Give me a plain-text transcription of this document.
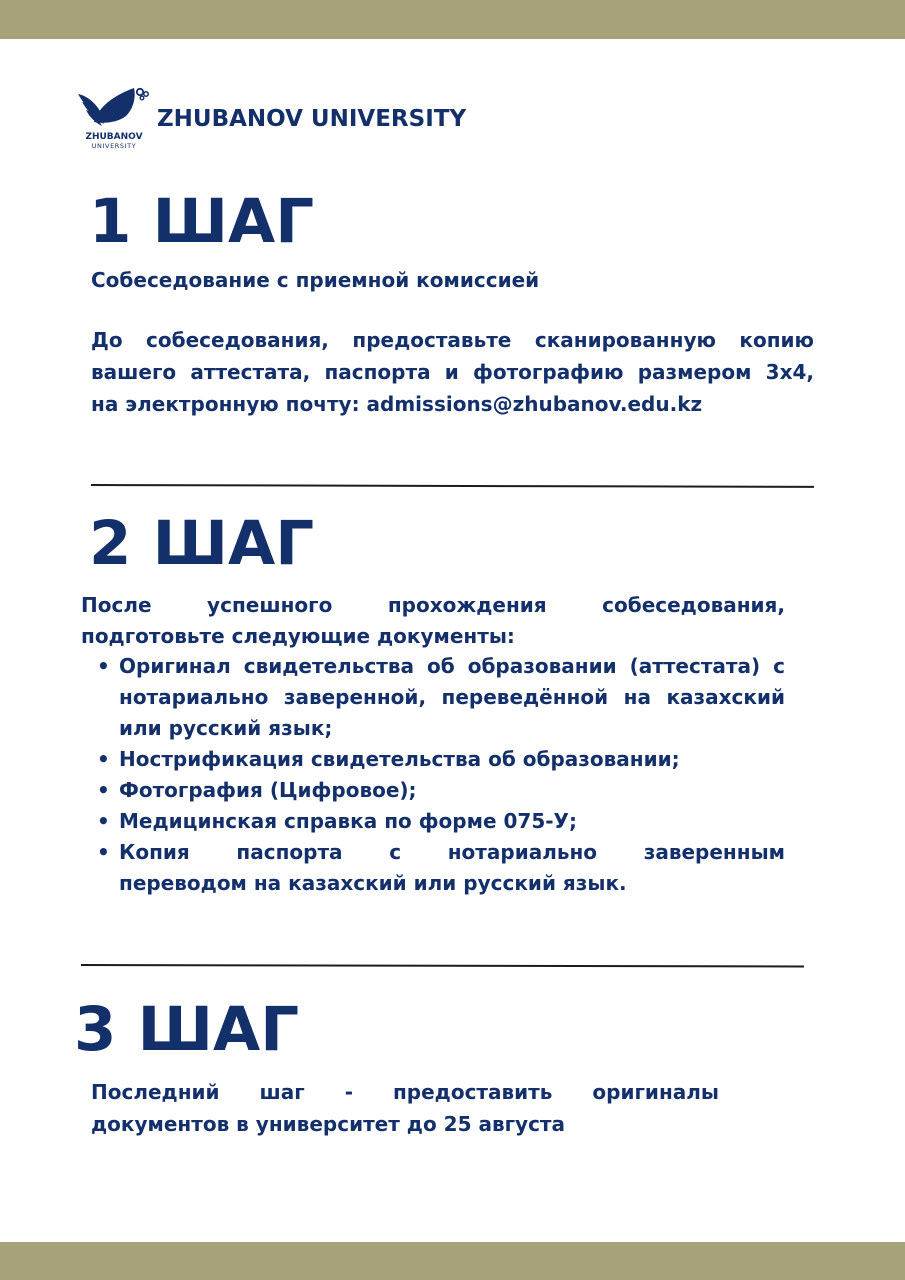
ZHUBANOV
UNIVERSITY
ZHUBANOV UNIVERSITY
1 ШАГ
Собеседование с приемной комиссией
До собеседования, предоставьте сканированную копию
вашего аттестата, паспорта и фотографию размером 3х4,
на электронную почту: admissions@zhubanov.edu.kz
2 ШАГ
После успешного прохождения собеседования,
подготовьте следующие документы:
• Оригинал свидетельства об образовании (аттестата) с
нотариально заверенной, переведённой на казахский
или русский язык;
• Нострификация свидетельства об образовании;
• Фотография (Цифровое);
• Медицинская справка по форме 075-У;
• Копия паспорта с нотариально заверенным
переводом на казахский или русский язык.
3 ШАГ
Последний шаг - предоставить оригиналы
документов в университет до 25 августа
